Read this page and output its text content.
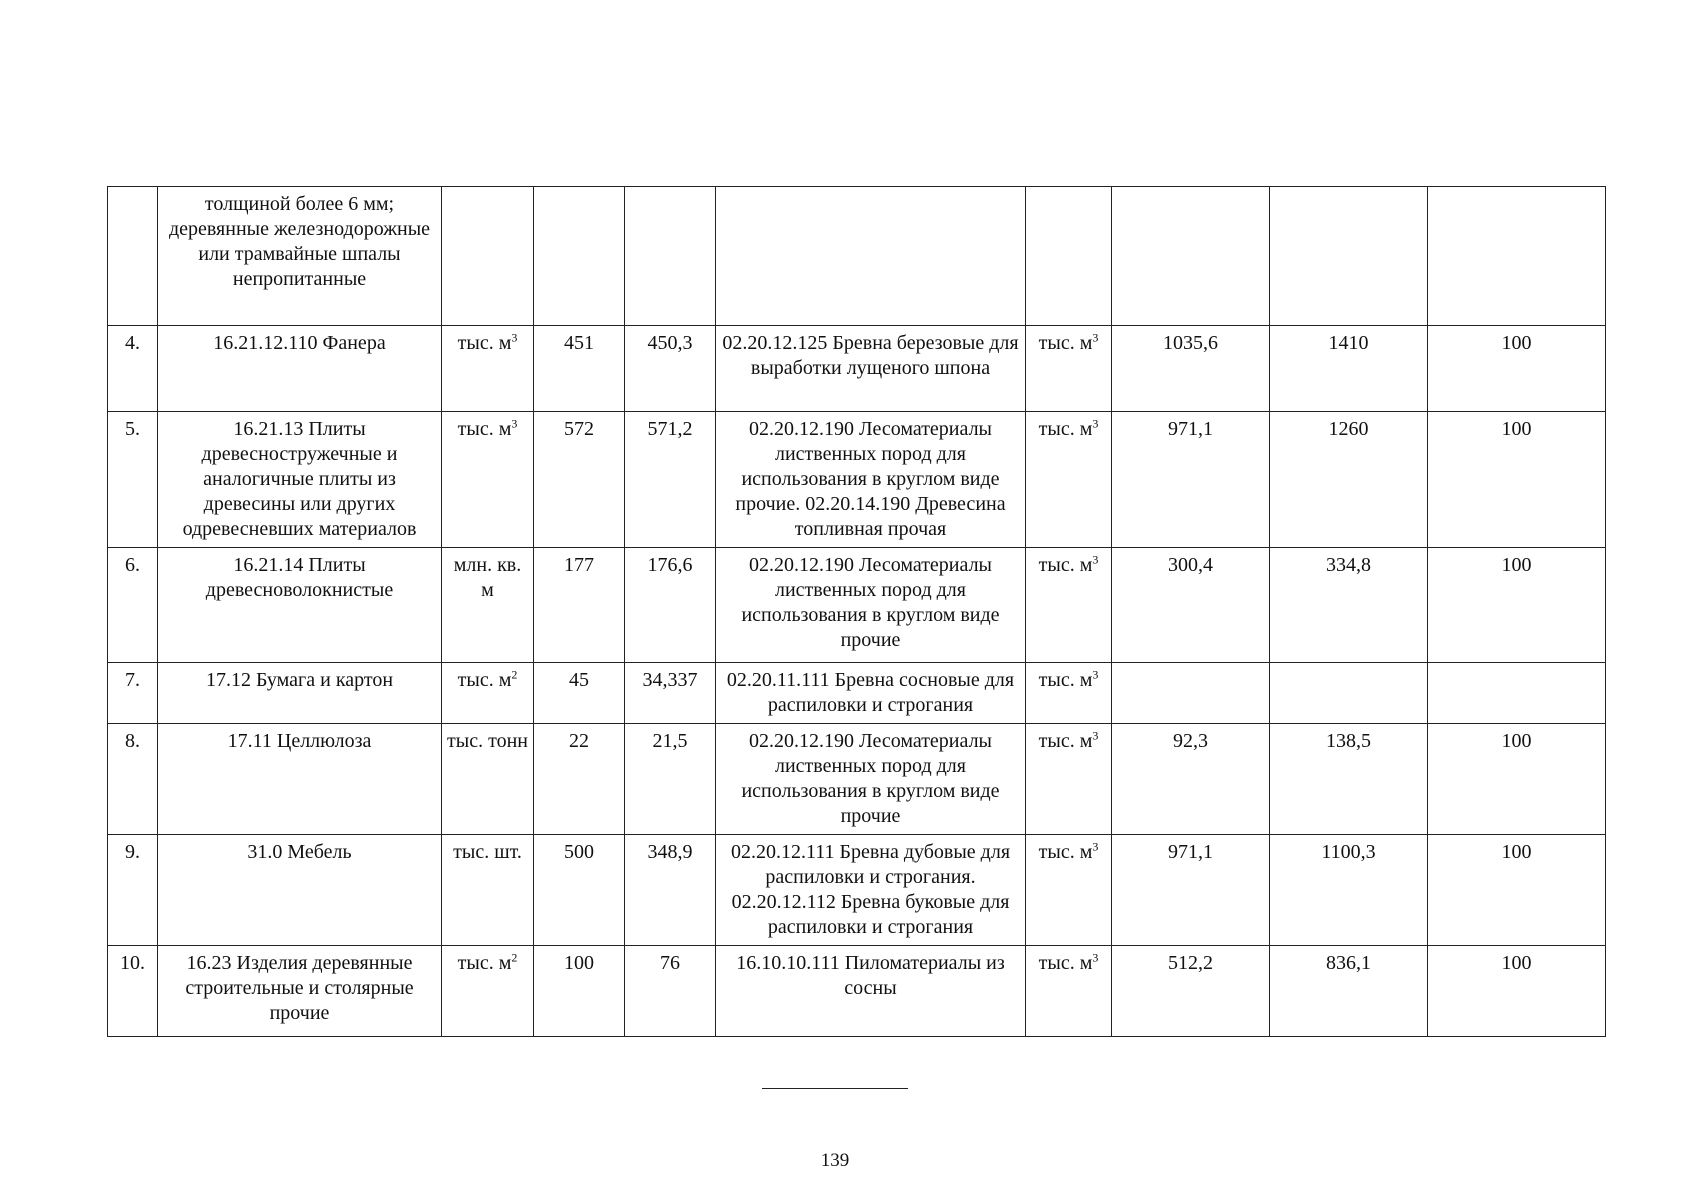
	толщиной более 6 мм; деревянные железнодорожные или трамвайные шпалы непропитанные								
4.	16.21.12.110 Фанера	тыс. $м^3$	451	450,3	02.20.12.125 Бревна березовые для выработки лущеного шпона	тыс. $м^3$	1035,6	1410	100
5.	16.21.13 Плиты древесностружечные и аналогичные плиты из древесины или других одревесневших материалов	тыс. $м^3$	572	571,2	02.20.12.190 Лесоматериалы лиственных пород для использования в круглом виде прочие. 02.20.14.190 Древесина топливная прочая	тыс. $м^3$	971,1	1260	100
6.	16.21.14 Плиты древесноволокнистые	млн. кв. м	177	176,6	02.20.12.190 Лесоматериалы лиственных пород для использования в круглом виде прочие	тыс. $м^3$	300,4	334,8	100
7.	17.12 Бумага и картон	тыс. $м^2$	45	34,337	02.20.11.111 Бревна сосновые для распиловки и строгания	тыс. $м^3$			
8.	17.11 Целлюлоза	тыс. тонн	22	21,5	02.20.12.190 Лесоматериалы лиственных пород для использования в круглом виде прочие	тыс. $м^3$	92,3	138,5	100
9.	31.0 Мебель	тыс. шт.	500	348,9	02.20.12.111 Бревна дубовые для распиловки и строгания. 02.20.12.112 Бревна буковые для распиловки и строгания	тыс. $м^3$	971,1	1100,3	100
10.	16.23 Изделия деревянные строительные и столярные прочие	тыс. $м^2$	100	76	16.10.10.111 Пиломатериалы из сосны	тыс. $м^3$	512,2	836,1	100
139
